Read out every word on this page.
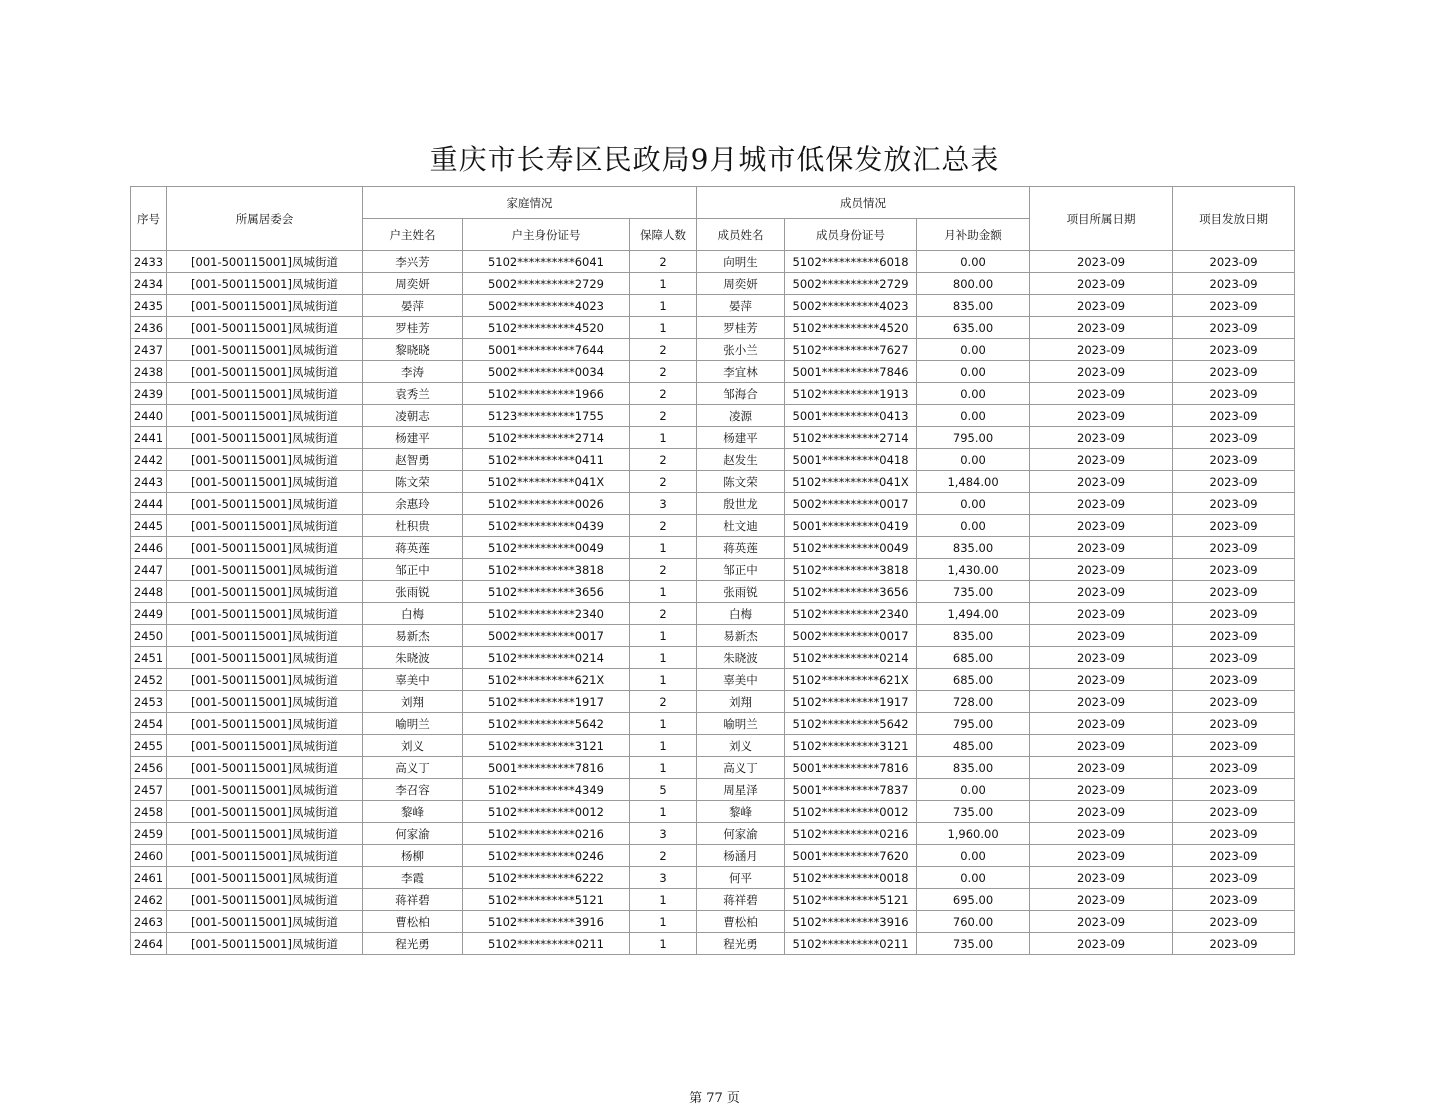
重庆市长寿区民政局9月城市低保发放汇总表
序号	所属居委会	家庭情况			成员情况			项目所属日期	项目发放日期
		户主姓名	户主身份证号	保障人数	成员姓名	成员身份证号	月补助金额		
2433	[001-500115001]凤城街道	李兴芳	5102**********6041	2	向明生	5102**********6018	0.00	2023-09	2023-09
2434	[001-500115001]凤城街道	周奕妍	5002**********2729	1	周奕妍	5002**********2729	800.00	2023-09	2023-09
2435	[001-500115001]凤城街道	晏萍	5002**********4023	1	晏萍	5002**********4023	835.00	2023-09	2023-09
2436	[001-500115001]凤城街道	罗桂芳	5102**********4520	1	罗桂芳	5102**********4520	635.00	2023-09	2023-09
2437	[001-500115001]凤城街道	黎晓晓	5001**********7644	2	张小兰	5102**********7627	0.00	2023-09	2023-09
2438	[001-500115001]凤城街道	李涛	5002**********0034	2	李宜林	5001**********7846	0.00	2023-09	2023-09
2439	[001-500115001]凤城街道	袁秀兰	5102**********1966	2	邹海合	5102**********1913	0.00	2023-09	2023-09
2440	[001-500115001]凤城街道	凌朝志	5123**********1755	2	凌源	5001**********0413	0.00	2023-09	2023-09
2441	[001-500115001]凤城街道	杨建平	5102**********2714	1	杨建平	5102**********2714	795.00	2023-09	2023-09
2442	[001-500115001]凤城街道	赵智勇	5102**********0411	2	赵发生	5001**********0418	0.00	2023-09	2023-09
2443	[001-500115001]凤城街道	陈文荣	5102**********041X	2	陈文荣	5102**********041X	1,484.00	2023-09	2023-09
2444	[001-500115001]凤城街道	余惠玲	5102**********0026	3	殷世龙	5002**********0017	0.00	2023-09	2023-09
2445	[001-500115001]凤城街道	杜积贵	5102**********0439	2	杜文迪	5001**********0419	0.00	2023-09	2023-09
2446	[001-500115001]凤城街道	蒋英莲	5102**********0049	1	蒋英莲	5102**********0049	835.00	2023-09	2023-09
2447	[001-500115001]凤城街道	邹正中	5102**********3818	2	邹正中	5102**********3818	1,430.00	2023-09	2023-09
2448	[001-500115001]凤城街道	张雨锐	5102**********3656	1	张雨锐	5102**********3656	735.00	2023-09	2023-09
2449	[001-500115001]凤城街道	白梅	5102**********2340	2	白梅	5102**********2340	1,494.00	2023-09	2023-09
2450	[001-500115001]凤城街道	易新杰	5002**********0017	1	易新杰	5002**********0017	835.00	2023-09	2023-09
2451	[001-500115001]凤城街道	朱晓波	5102**********0214	1	朱晓波	5102**********0214	685.00	2023-09	2023-09
2452	[001-500115001]凤城街道	辜美中	5102**********621X	1	辜美中	5102**********621X	685.00	2023-09	2023-09
2453	[001-500115001]凤城街道	刘翔	5102**********1917	2	刘翔	5102**********1917	728.00	2023-09	2023-09
2454	[001-500115001]凤城街道	喻明兰	5102**********5642	1	喻明兰	5102**********5642	795.00	2023-09	2023-09
2455	[001-500115001]凤城街道	刘义	5102**********3121	1	刘义	5102**********3121	485.00	2023-09	2023-09
2456	[001-500115001]凤城街道	高义丁	5001**********7816	1	高义丁	5001**********7816	835.00	2023-09	2023-09
2457	[001-500115001]凤城街道	李召容	5102**********4349	5	周星泽	5001**********7837	0.00	2023-09	2023-09
2458	[001-500115001]凤城街道	黎峰	5102**********0012	1	黎峰	5102**********0012	735.00	2023-09	2023-09
2459	[001-500115001]凤城街道	何家渝	5102**********0216	3	何家渝	5102**********0216	1,960.00	2023-09	2023-09
2460	[001-500115001]凤城街道	杨柳	5102**********0246	2	杨涵月	5001**********7620	0.00	2023-09	2023-09
2461	[001-500115001]凤城街道	李霞	5102**********6222	3	何平	5102**********0018	0.00	2023-09	2023-09
2462	[001-500115001]凤城街道	蒋祥碧	5102**********5121	1	蒋祥碧	5102**********5121	695.00	2023-09	2023-09
2463	[001-500115001]凤城街道	曹松柏	5102**********3916	1	曹松柏	5102**********3916	760.00	2023-09	2023-09
2464	[001-500115001]凤城街道	程光勇	5102**********0211	1	程光勇	5102**********0211	735.00	2023-09	2023-09
第 77 页
